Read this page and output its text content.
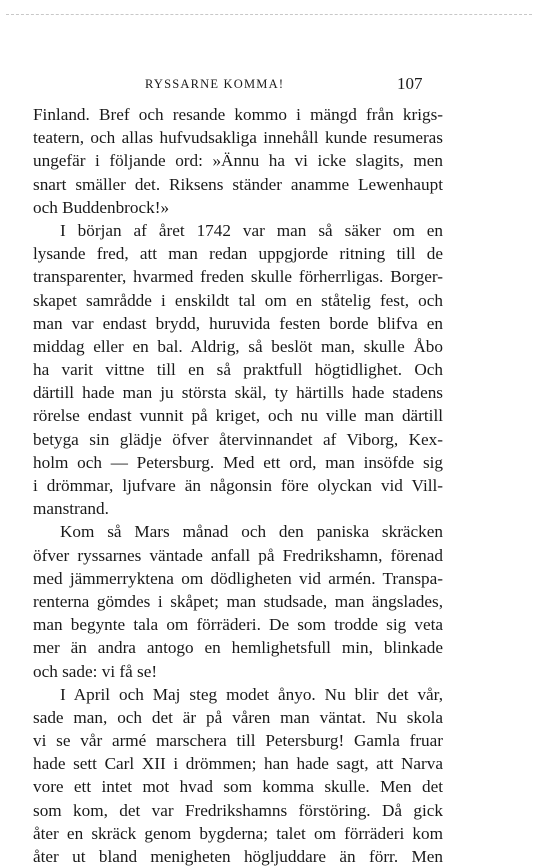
RYSSARNE KOMMA!	107
Finland. Bref och resande kommo i mängd från krigs-
teatern, och allas hufvudsakliga innehåll kunde resumeras
ungefär i följande ord: »Ännu ha vi icke slagits, men
snart smäller det. Riksens ständer anamme Lewenhaupt
och Buddenbrock!»
I början af året 1742 var man så säker om en
lysande fred, att man redan uppgjorde ritning till de
transparenter, hvarmed freden skulle förherrligas. Borger-
skapet samrådde i enskildt tal om en ståtelig fest, och
man var endast brydd, huruvida festen borde blifva en
middag eller en bal. Aldrig, så beslöt man, skulle Åbo
ha varit vittne till en så praktfull högtidlighet. Och
därtill hade man ju största skäl, ty härtills hade stadens
rörelse endast vunnit på kriget, och nu ville man därtill
betyga sin glädje öfver återvinnandet af Viborg, Kex-
holm och — Petersburg. Med ett ord, man insöfde sig
i drömmar, ljufvare än någonsin före olyckan vid Vill-
manstrand.
Kom så Mars månad och den paniska skräcken
öfver ryssarnes väntade anfall på Fredrikshamn, förenad
med jämmerryktena om dödligheten vid armén. Transpa-
renterna gömdes i skåpet; man studsade, man ängslades,
man begynte tala om förräderi. De som trodde sig veta
mer än andra antogo en hemlighetsfull min, blinkade
och sade: vi få se!
I April och Maj steg modet ånyo. Nu blir det vår,
sade man, och det är på våren man väntat. Nu skola
vi se vår armé marschera till Petersburg! Gamla fruar
hade sett Carl XII i drömmen; han hade sagt, att Narva
vore ett intet mot hvad som komma skulle. Men det
som kom, det var Fredrikshamns förstöring. Då gick
åter en skräck genom bygderna; talet om förräderi kom
åter ut bland menigheten högljuddare än förr. Men
